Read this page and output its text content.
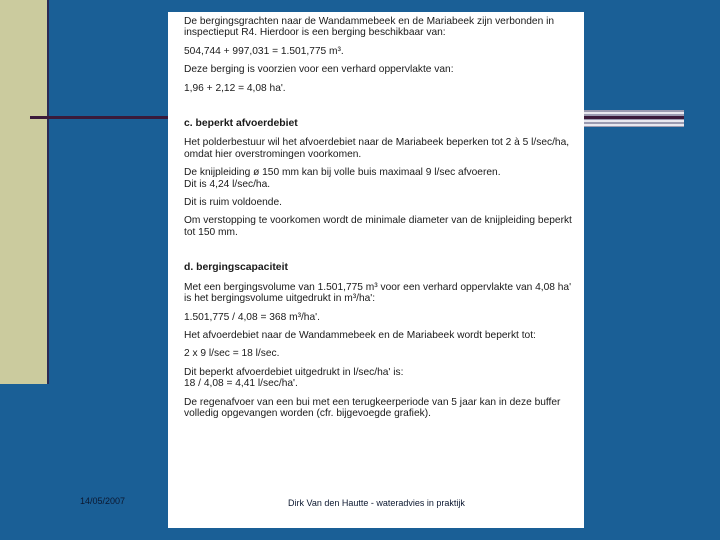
De bergingsgrachten naar de Wandammebeek en de Mariabeek zijn verbonden in inspectieput R4. Hierdoor is een berging beschikbaar van:

504,744 + 997,031 = 1.501,775 m³.

Deze berging is voorzien voor een verhard oppervlakte van:

1,96 + 2,12 = 4,08 ha'.

c. beperkt afvoerdebiet

Het polderbestuur wil het afvoerdebiet naar de Mariabeek beperken tot 2 à 5 l/sec/ha, omdat hier overstromingen voorkomen.

De knijpleiding ø 150 mm kan bij volle buis maximaal 9 l/sec afvoeren.
Dit is 4,24 l/sec/ha.

Dit is ruim voldoende.

Om verstopping te voorkomen wordt de minimale diameter van de knijpleiding beperkt tot 150 mm.

d. bergingscapaciteit

Met een bergingsvolume van 1.501,775 m³ voor een verhard oppervlakte van 4,08 ha' is het bergingsvolume uitgedrukt in m³/ha':

1.501,775 / 4,08 = 368 m³/ha'.

Het afvoerdebiet naar de Wandammebeek en de Mariabeek wordt beperkt tot:

2 x 9 l/sec = 18 l/sec.

Dit beperkt afvoerdebiet uitgedrukt in l/sec/ha' is:
18 / 4,08 = 4,41 l/sec/ha'.

De regenafvoer van een bui met een terugkeerperiode van 5 jaar kan in deze buffer volledig opgevangen worden (cfr. bijgevoegde grafiek).

14/05/2007	Dirk Van den Hautte - wateradvies in praktijk
